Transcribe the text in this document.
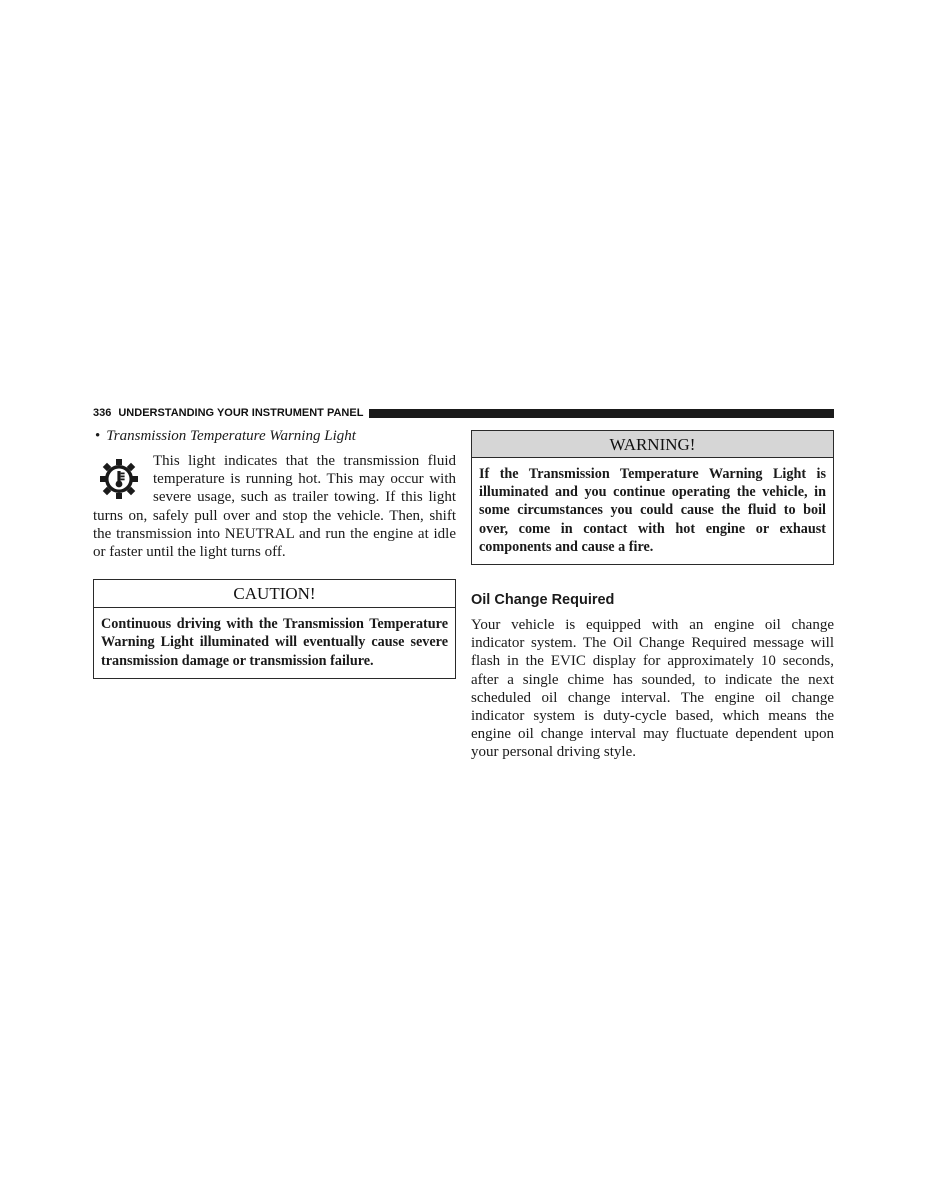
336 UNDERSTANDING YOUR INSTRUMENT PANEL

• Transmission Temperature Warning Light

This light indicates that the transmission fluid temperature is running hot. This may occur with severe usage, such as trailer towing. If this light turns on, safely pull over and stop the vehicle. Then, shift the transmission into NEUTRAL and run the engine at idle or faster until the light turns off.

CAUTION!
Continuous driving with the Transmission Temperature Warning Light illuminated will eventually cause severe transmission damage or transmission failure.
WARNING!
If the Transmission Temperature Warning Light is illuminated and you continue operating the vehicle, in some circumstances you could cause the fluid to boil over, come in contact with hot engine or exhaust components and cause a fire.
Oil Change Required

Your vehicle is equipped with an engine oil change indicator system. The Oil Change Required message will flash in the EVIC display for approximately 10 seconds, after a single chime has sounded, to indicate the next scheduled oil change interval. The engine oil change indicator system is duty-cycle based, which means the engine oil change interval may fluctuate dependent upon your personal driving style.
